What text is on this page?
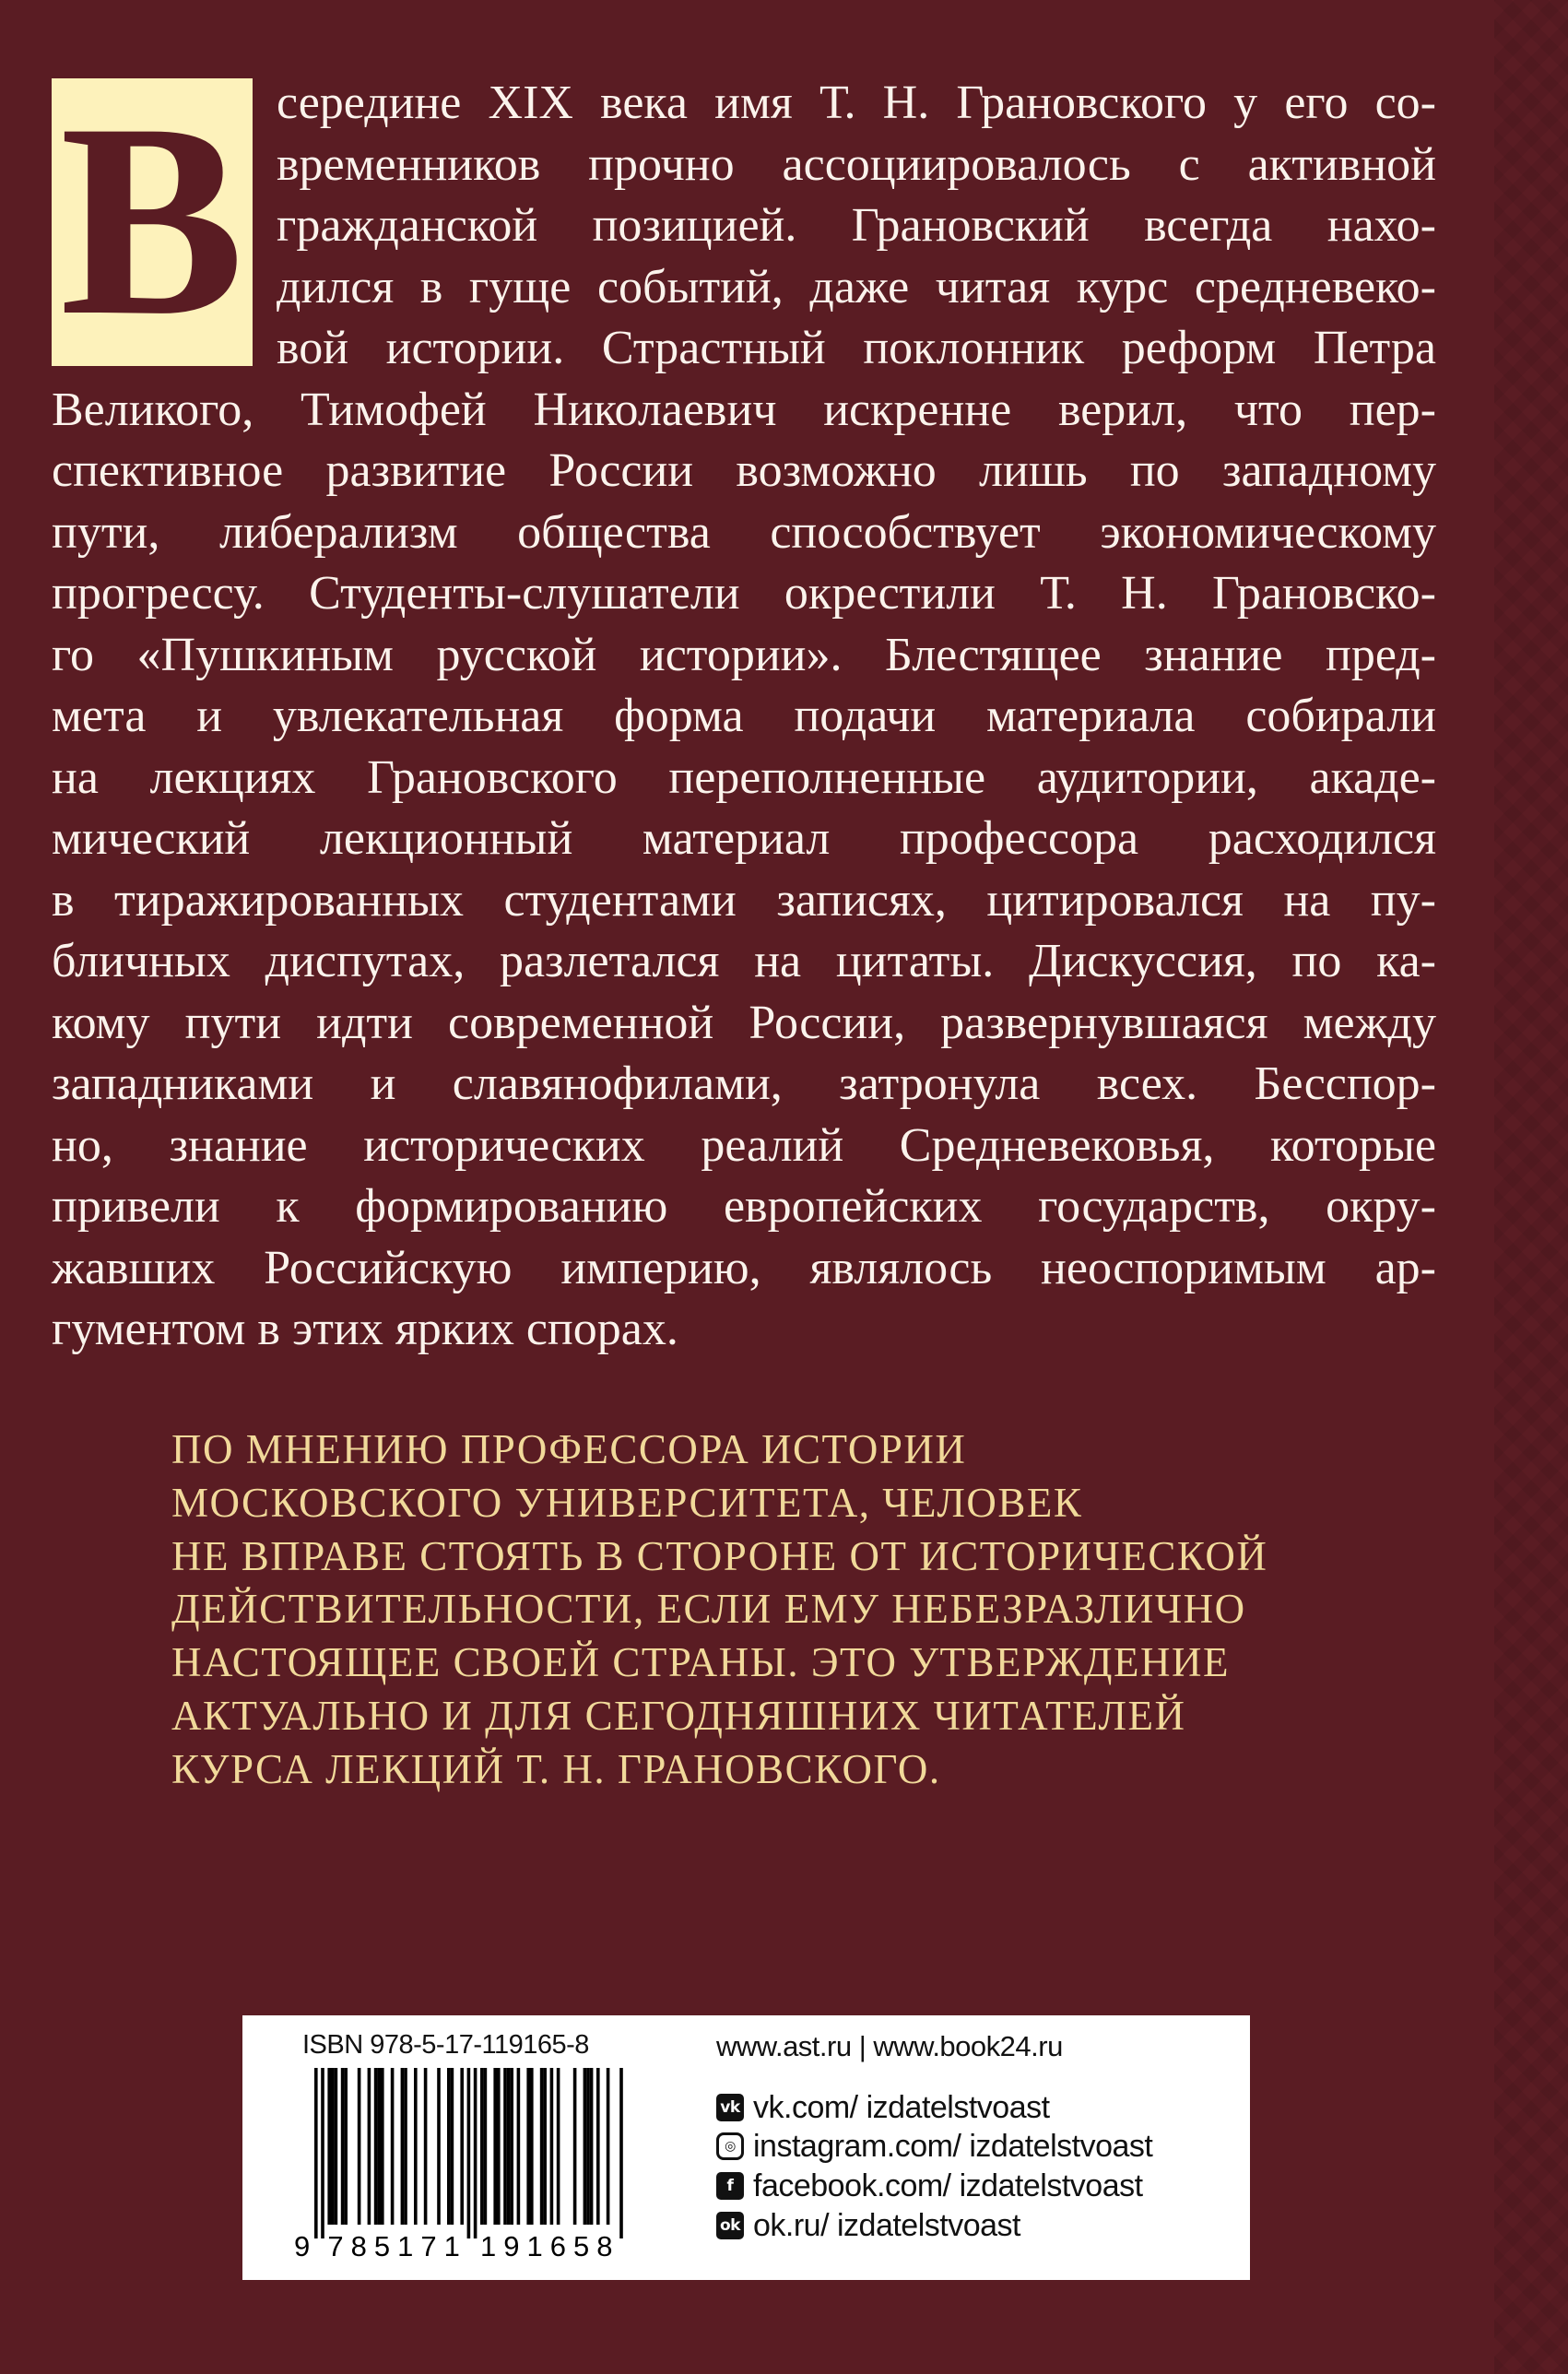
В середине XIX века имя Т. Н. Грановского у его со-
временников прочно ассоциировалось с активной
гражданской позицией. Грановский всегда нахо-
дился в гуще событий, даже читая курс средневеко-
вой истории. Страстный поклонник реформ Петра
Великого, Тимофей Николаевич искренне верил, что пер-
спективное развитие России возможно лишь по западному
пути, либерализм общества способствует экономическому
прогрессу. Студенты-слушатели окрестили Т. Н. Грановско-
го «Пушкиным русской истории». Блестящее знание пред-
мета и увлекательная форма подачи материала собирали
на лекциях Грановского переполненные аудитории, акаде-
мический лекционный материал профессора расходился
в тиражированных студентами записях, цитировался на пу-
бличных диспутах, разлетался на цитаты. Дискуссия, по ка-
кому пути идти современной России, развернувшаяся между
западниками и славянофилами, затронула всех. Бесспор-
но, знание исторических реалий Средневековья, которые
привели к формированию европейских государств, окру-
жавших Российскую империю, являлось неоспоримым ар-
гументом в этих ярких спорах.
ПО МНЕНИЮ ПРОФЕССОРА ИСТОРИИ
МОСКОВСКОГО УНИВЕРСИТЕТА, ЧЕЛОВЕК
НЕ ВПРАВЕ СТОЯТЬ В СТОРОНЕ ОТ ИСТОРИЧЕСКОЙ
ДЕЙСТВИТЕЛЬНОСТИ, ЕСЛИ ЕМУ НЕБЕЗРАЗЛИЧНО
НАСТОЯЩЕЕ СВОЕЙ СТРАНЫ. ЭТО УТВЕРЖДЕНИЕ
АКТУАЛЬНО И ДЛЯ СЕГОДНЯШНИХ ЧИТАТЕЛЕЙ
КУРСА ЛЕКЦИЙ Т. Н. ГРАНОВСКОГО.
ISBN 978-5-17-119165-8
9 785171 191658
www.ast.ru | www.book24.ru
vk vk.com/ izdatelstvoast
◎ instagram.com/ izdatelstvoast
f facebook.com/ izdatelstvoast
ok ok.ru/ izdatelstvoast
